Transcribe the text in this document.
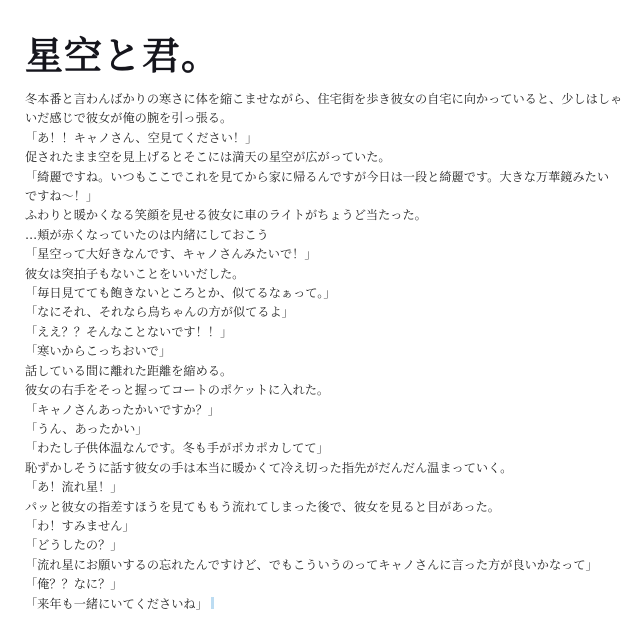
星空と君。
冬本番と言わんばかりの寒さに体を縮こませながら、住宅街を歩き彼女の自宅に向かっていると、少しはしゃ
いだ感じで彼女が俺の腕を引っ張る。
「あ！！キャノさん、空見てください！」
促されたまま空を見上げるとそこには満天の星空が広がっていた。
「綺麗ですね。いつもここでこれを見てから家に帰るんですが今日は一段と綺麗です。大きな万華鏡みたい
ですね〜！」
ふわりと暖かくなる笑顔を見せる彼女に車のライトがちょうど当たった。
…頬が赤くなっていたのは内緒にしておこう
「星空って大好きなんです、キャノさんみたいで！」
彼女は突拍子もないことをいいだした。
「毎日見てても飽きないところとか、似てるなぁって。」
「なにそれ、それなら烏ちゃんの方が似てるよ」
「ええ？？そんなことないです！！」
「寒いからこっちおいで」
話している間に離れた距離を縮める。
彼女の右手をそっと握ってコートのポケットに入れた。
「キャノさんあったかいですか？」
「うん、あったかい」
「わたし子供体温なんです。冬も手がポカポカしてて」
恥ずかしそうに話す彼女の手は本当に暖かくて冷え切った指先がだんだん温まっていく。
「あ！流れ星！」
パッと彼女の指差すほうを見てももう流れてしまった後で、彼女を見ると目があった。
「わ！すみません」
「どうしたの？」
「流れ星にお願いするの忘れたんですけど、でもこういうのってキャノさんに言った方が良いかなって」
「俺？？なに？」
「来年も一緒にいてくださいね」
